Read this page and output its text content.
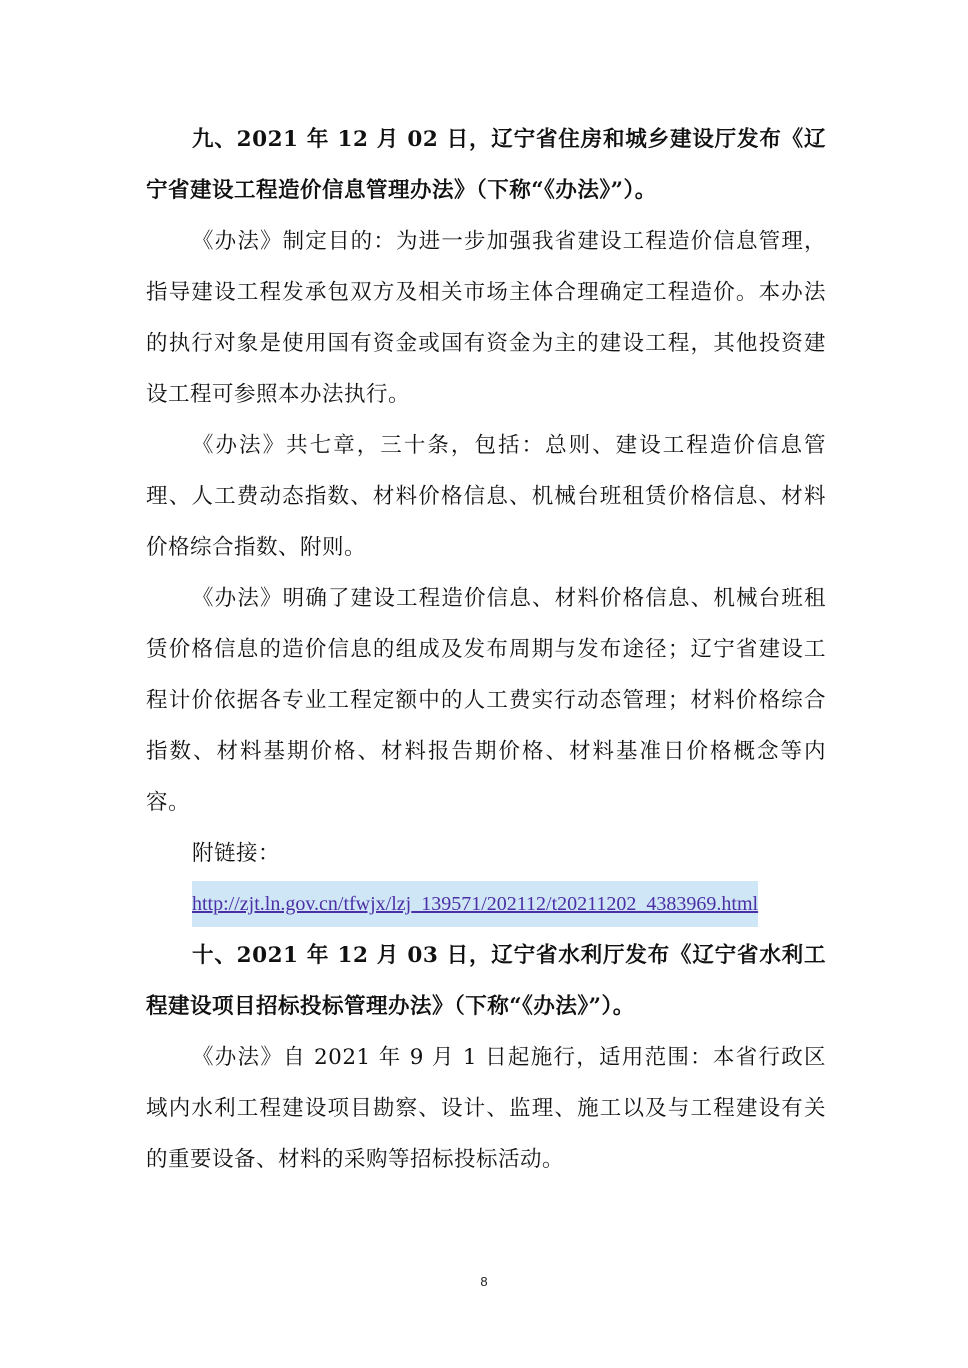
九、2021 年 12 月 02 日，辽宁省住房和城乡建设厅发布《辽宁省建设工程造价信息管理办法》（下称“《办法》”）。

《办法》制定目的：为进一步加强我省建设工程造价信息管理，指导建设工程发承包双方及相关市场主体合理确定工程造价。本办法的执行对象是使用国有资金或国有资金为主的建设工程，其他投资建设工程可参照本办法执行。

《办法》共七章，三十条，包括：总则、建设工程造价信息管理、人工费动态指数、材料价格信息、机械台班租赁价格信息、材料价格综合指数、附则。

《办法》明确了建设工程造价信息、材料价格信息、机械台班租赁价格信息的造价信息的组成及发布周期与发布途径；辽宁省建设工程计价依据各专业工程定额中的人工费实行动态管理；材料价格综合指数、材料基期价格、材料报告期价格、材料基准日价格概念等内容。

附链接：

http://zjt.ln.gov.cn/tfwjx/lzj_139571/202112/t20211202_4383969.html

十、2021 年 12 月 03 日，辽宁省水利厅发布《辽宁省水利工程建设项目招标投标管理办法》（下称“《办法》”）。

《办法》自 2021 年 9 月 1 日起施行，适用范围：本省行政区域内水利工程建设项目勘察、设计、监理、施工以及与工程建设有关的重要设备、材料的采购等招标投标活动。

8
